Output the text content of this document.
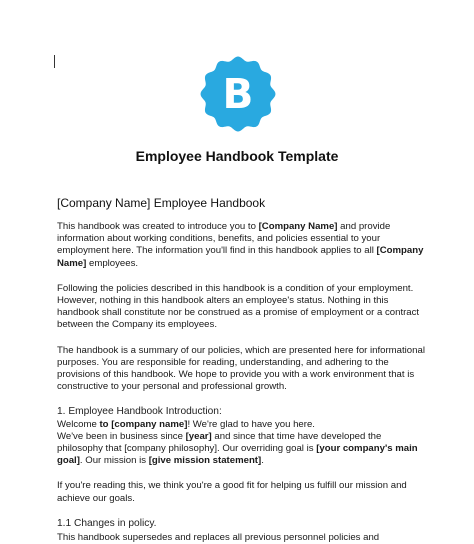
B
Employee Handbook Template
[Company Name] Employee Handbook

This handbook was created to introduce you to [Company Name] and provide information about working conditions, benefits, and policies essential to your employment here. The information you'll find in this handbook applies to all [Company Name] employees.

Following the policies described in this handbook is a condition of your employment. However, nothing in this handbook alters an employee's status. Nothing in this handbook shall constitute nor be construed as a promise of employment or a contract between the Company its employees.

The handbook is a summary of our policies, which are presented here for informational purposes. You are responsible for reading, understanding, and adhering to the provisions of this handbook. We hope to provide you with a work environment that is constructive to your personal and professional growth.

1. Employee Handbook Introduction:

Welcome to [company name]! We're glad to have you here.
We've been in business since [year] and since that time have developed the philosophy that [company philosophy]. Our overriding goal is [your company's main goal]. Our mission is [give mission statement].

If you're reading this, we think you're a good fit for helping us fulfill our mission and achieve our goals.

1.1 Changes in policy.
This handbook supersedes and replaces all previous personnel policies and
